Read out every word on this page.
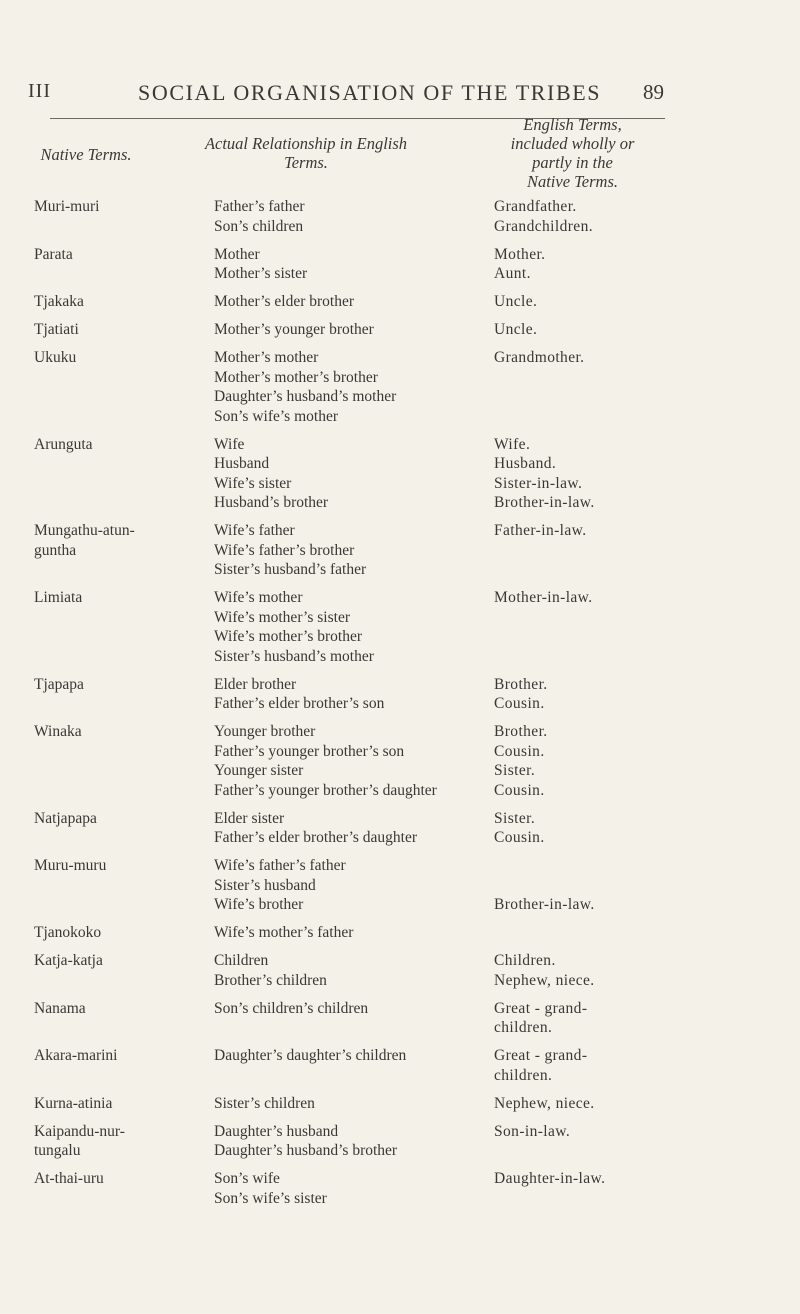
III	SOCIAL ORGANISATION OF THE TRIBES 89
Native Terms.
Actual Relationship in English
Terms.
English Terms,
included wholly or
partly in the
Native Terms.
Muri-muri	Father’s father	Grandfather.
Son’s children	Grandchildren.
Parata	Mother	Mother.
Mother’s sister	Aunt.
Tjakaka	Mother’s elder brother	Uncle.
Tjatiati	Mother’s younger brother	Uncle.
Ukuku	Mother’s mother	Grandmother.
Mother’s mother’s brother
Daughter’s husband’s mother
Son’s wife’s mother
Arunguta	Wife	Wife.
Husband	Husband.
Wife’s sister	Sister-in-law.
Husband’s brother	Brother-in-law.
Mungathu-atun-
guntha
Wife’s father	Father-in-law.
Wife’s father’s brother
Sister’s husband’s father
Limiata	Wife’s mother	Mother-in-law.
Wife’s mother’s sister
Wife’s mother’s brother
Sister’s husband’s mother
Tjapapa	Elder brother	Brother.
Father’s elder brother’s son	Cousin.
Winaka	Younger brother	Brother.
Father’s younger brother’s son	Cousin.
Younger sister	Sister.
Father’s younger brother’s daughter	Cousin.
Natjapapa	Elder sister	Sister.
Father’s elder brother’s daughter	Cousin.
Muru-muru	Wife’s father’s father
Sister’s husband
Wife’s brother	Brother-in-law.
Tjanokoko	Wife’s mother’s father
Katja-katja	Children	Children.
Brother’s children	Nephew, niece.
Nanama	Son’s children’s children	Great - grand-
children.
Akara-marini	Daughter’s daughter’s children	Great - grand-
children.
Kurna-atinia	Sister’s children	Nephew, niece.
Kaipandu-nur-
tungalu
Daughter’s husband	Son-in-law.
Daughter’s husband’s brother
At-thai-uru	Son’s wife	Daughter-in-law.
Son’s wife’s sister
